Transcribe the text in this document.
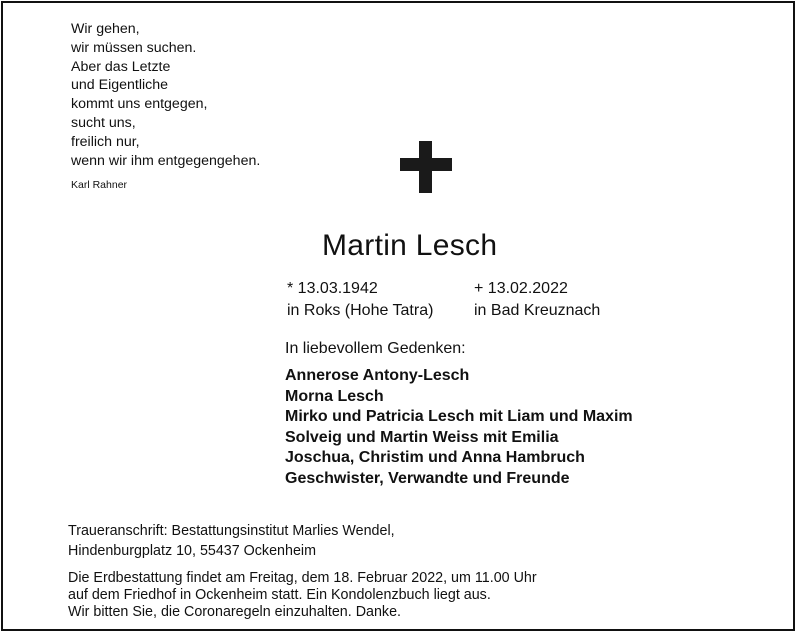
Wir gehen,
wir müssen suchen.
Aber das Letzte
und Eigentliche
kommt uns entgegen,
sucht uns,
freilich nur,
wenn wir ihm entgegengehen.
Karl Rahner
Martin Lesch
* 13.03.1942
in Roks (Hohe Tatra)
+ 13.02.2022
in Bad Kreuznach
In liebevollem Gedenken:
Annerose Antony-Lesch
Morna Lesch
Mirko und Patricia Lesch mit Liam und Maxim
Solveig und Martin Weiss mit Emilia
Joschua, Christim und Anna Hambruch
Geschwister, Verwandte und Freunde
Traueranschrift: Bestattungsinstitut Marlies Wendel,
Hindenburgplatz 10, 55437 Ockenheim
Die Erdbestattung findet am Freitag, dem 18. Februar 2022, um 11.00 Uhr
auf dem Friedhof in Ockenheim statt. Ein Kondolenzbuch liegt aus.
Wir bitten Sie, die Coronaregeln einzuhalten. Danke.
